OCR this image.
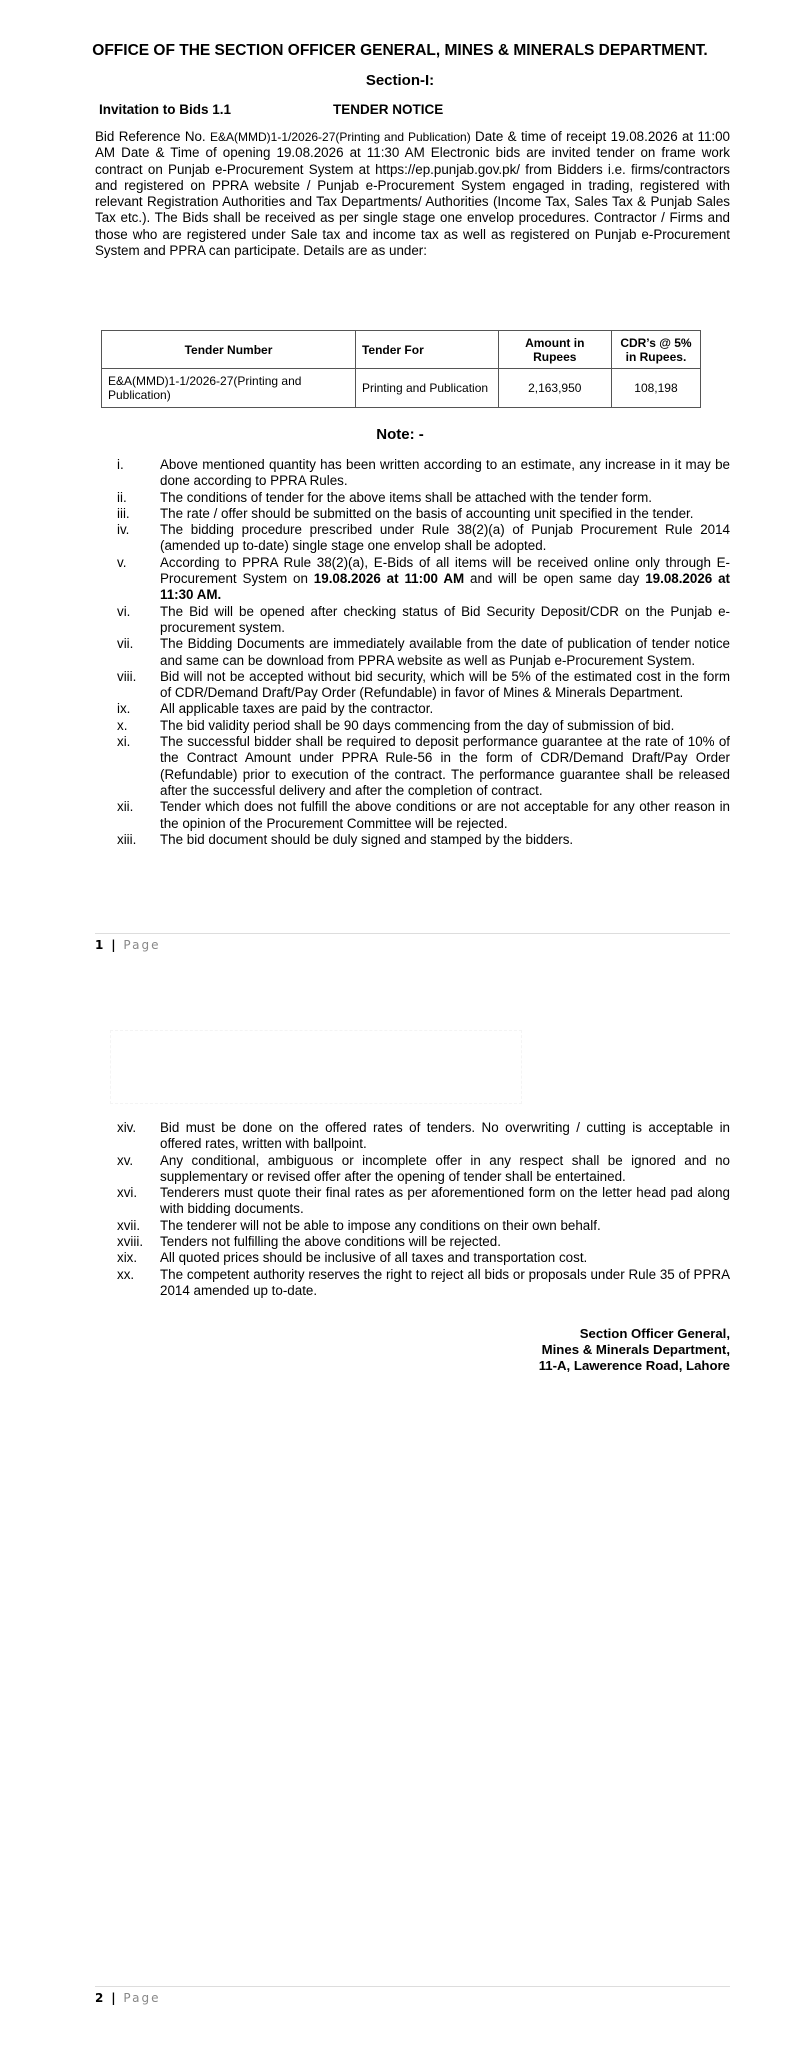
OFFICE OF THE SECTION OFFICER GENERAL, MINES & MINERALS DEPARTMENT.
Section-I:
Invitation to Bids 1.1	TENDER NOTICE
Bid Reference No. E&A(MMD)1-1/2026-27(Printing and Publication) Date & time of receipt 19.08.2026 at 11:00 AM Date & Time of opening 19.08.2026 at 11:30 AM Electronic bids are invited tender on frame work contract on Punjab e-Procurement System at https://ep.punjab.gov.pk/ from Bidders i.e. firms/contractors and registered on PPRA website / Punjab e-Procurement System engaged in trading, registered with relevant Registration Authorities and Tax Departments/ Authorities (Income Tax, Sales Tax & Punjab Sales Tax etc.). The Bids shall be received as per single stage one envelop procedures. Contractor / Firms and those who are registered under Sale tax and income tax as well as registered on Punjab e-Procurement System and PPRA can participate. Details are as under:
Tender Number	Tender For	Amount in Rupees	CDR’s @ 5% in Rupees.
E&A(MMD)1-1/2026-27(Printing and Publication)	Printing and Publication	2,163,950	108,198
Note: -
i.	Above mentioned quantity has been written according to an estimate, any increase in it may be done according to PPRA Rules.
ii. The conditions of tender for the above items shall be attached with the tender form.
iii. The rate / offer should be submitted on the basis of accounting unit specified in the tender.
iv. The bidding procedure prescribed under Rule 38(2)(a) of Punjab Procurement Rule 2014 (amended up to-date) single stage one envelop shall be adopted.
v.	According to PPRA Rule 38(2)(a), E-Bids of all items will be received online only through E-Procurement System on 19.08.2026 at 11:00 AM and will be open same day 19.08.2026 at 11:30 AM.
vi. The Bid will be opened after checking status of Bid Security Deposit/CDR on the Punjab e-procurement system.
vii. The Bidding Documents are immediately available from the date of publication of tender notice and same can be download from PPRA website as well as Punjab e-Procurement System.
viii. Bid will not be accepted without bid security, which will be 5% of the estimated cost in the form of CDR/Demand Draft/Pay Order (Refundable) in favor of Mines & Minerals Department.
ix. All applicable taxes are paid by the contractor.
x. The bid validity period shall be 90 days commencing from the day of submission of bid.
xi. The successful bidder shall be required to deposit performance guarantee at the rate of 10% of the Contract Amount under PPRA Rule-56 in the form of CDR/Demand Draft/Pay Order (Refundable) prior to execution of the contract. The performance guarantee shall be released after the successful delivery and after the completion of contract.
xii. Tender which does not fulfill the above conditions or are not acceptable for any other reason in the opinion of the Procurement Committee will be rejected.
xiii. The bid document should be duly signed and stamped by the bidders.
1 | Page
xiv. Bid must be done on the offered rates of tenders. No overwriting / cutting is acceptable in offered rates, written with ballpoint.
xv. Any conditional, ambiguous or incomplete offer in any respect shall be ignored and no supplementary or revised offer after the opening of tender shall be entertained.
xvi. Tenderers must quote their final rates as per aforementioned form on the letter head pad along with bidding documents.
xvii. The tenderer will not be able to impose any conditions on their own behalf.
xviii. Tenders not fulfilling the above conditions will be rejected.
xix. All quoted prices should be inclusive of all taxes and transportation cost.
xx. The competent authority reserves the right to reject all bids or proposals under Rule 35 of PPRA 2014 amended up to-date.
Section Officer General,
Mines & Minerals Department,
11-A, Lawerence Road, Lahore
2 | Page
